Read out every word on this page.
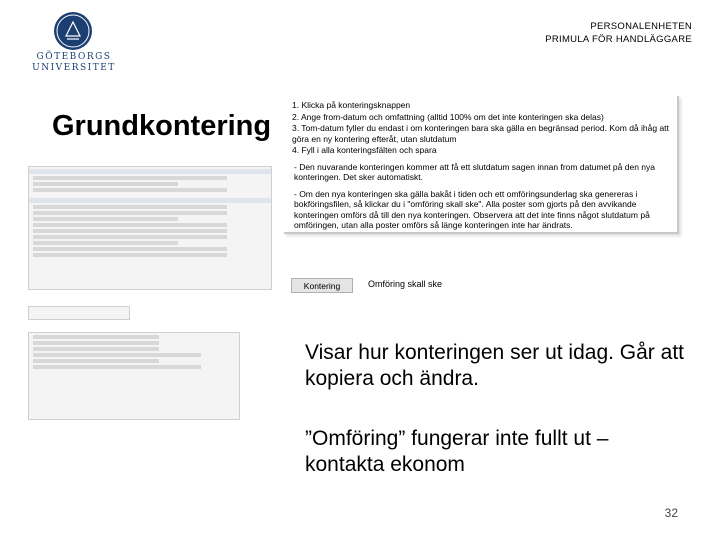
GÖTEBORGS
UNIVERSITET
PERSONALENHETEN
PRIMULA FÖR HANDLÄGGARE
Grundkontering

1. Klicka på konteringsknappen

2. Ange from-datum och omfattning (alltid 100% om det inte konteringen ska delas)

3. Tom-datum fyller du endast i om konteringen bara ska gälla en begränsad period. Kom då ihåg att göra en ny kontering efteråt, utan slutdatum

4. Fyll i alla konteringsfälten och spara

- Den nuvarande konteringen kommer att få ett slutdatum sagen innan from datumet på den nya konteringen. Det sker automatiskt.

- Om den nya konteringen ska gälla bakåt i tiden och ett omföringsunderlag ska genereras i bokföringsfilen, så klickar du i "omföring skall ske". Alla poster som gjorts på den avvikande konteringen omförs då till den nya konteringen. Observera att det inte finns något slutdatum på omföringen, utan alla poster omförs så länge konteringen inte har ändrats.

Kontering	Omföring skall ske
Visar hur konteringen ser ut idag. Går att kopiera och ändra.
”Omföring” fungerar inte fullt ut – kontakta ekonom
32
